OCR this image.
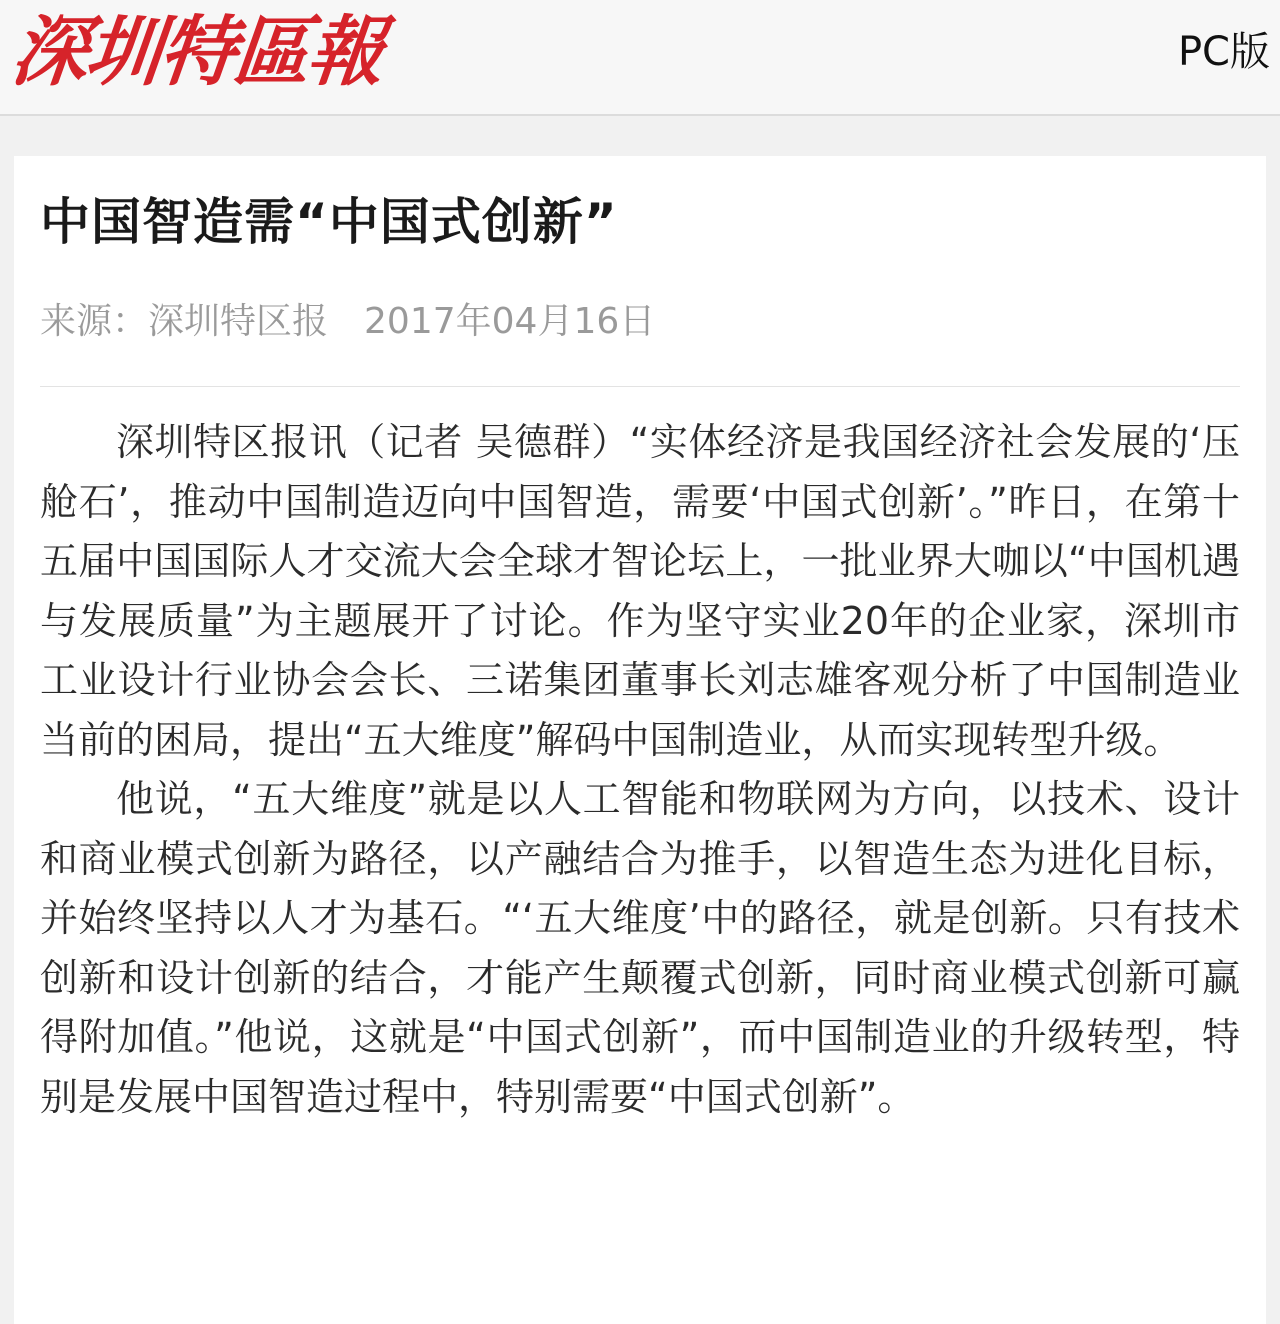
深圳特區報	PC版
中国智造需“中国式创新”
来源：深圳特区报 2017年04月16日

深圳特区报讯（记者 吴德群）“实体经济是我国经济社会发展的‘压舱石’，推动中国制造迈向中国智造，需要‘中国式创新’。”昨日，在第十五届中国国际人才交流大会全球才智论坛上，一批业界大咖以“中国机遇与发展质量”为主题展开了讨论。作为坚守实业20年的企业家，深圳市工业设计行业协会会长、三诺集团董事长刘志雄客观分析了中国制造业当前的困局，提出“五大维度”解码中国制造业，从而实现转型升级。

他说，“五大维度”就是以人工智能和物联网为方向，以技术、设计和商业模式创新为路径，以产融结合为推手，以智造生态为进化目标，并始终坚持以人才为基石。“‘五大维度’中的路径，就是创新。只有技术创新和设计创新的结合，才能产生颠覆式创新，同时商业模式创新可赢得附加值。”他说，这就是“中国式创新”，而中国制造业的升级转型，特别是发展中国智造过程中，特别需要“中国式创新”。
